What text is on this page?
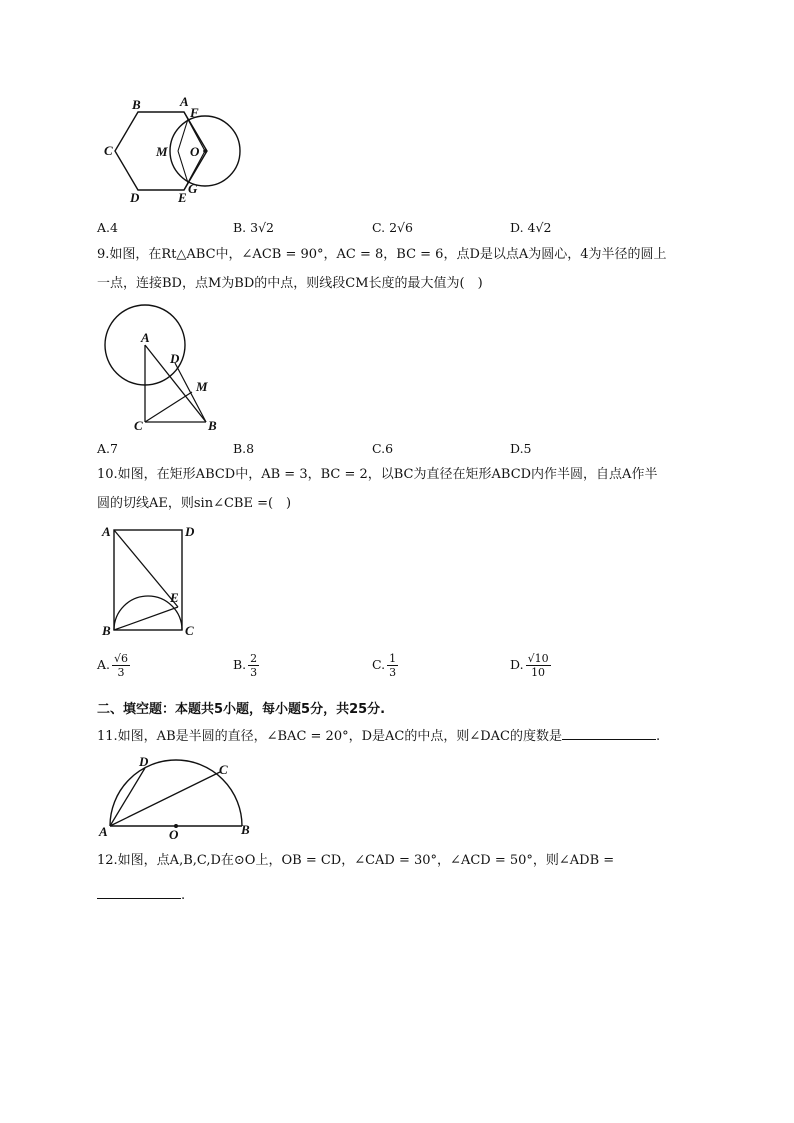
B	A
F
C	M O
D	E
G
A.4	B. 3√2	C. 2√6	D. 4√2
9.如图，在Rt△ABC中，∠ACB = 90°，AC = 8，BC = 6，点D是以点A为圆心，4为半径的圆上
一点，连接BD，点M为BD的中点，则线段CM长度的最大值为(　)
A
D
M
C	B
A.7	B.8	C.6	D.5
10.如图，在矩形ABCD中，AB = 3，BC = 2，以BC为直径在矩形ABCD内作半圆，自点A作半
圆的切线AE，则sin∠CBE =(　)
A	D
E
B	C
A. $\frac{√6}{3}$	B. $\frac{2}{3}$	C. $\frac{1}{3}$	D. $\frac{√10}{10}$
二、填空题：本题共5小题，每小题5分，共25分.
11.如图，AB是半圆的直径，∠BAC = 20°，D是AC的中点，则∠DAC的度数是	.
D
C
A	O	B
12.如图，点A,B,C,D在⊙O上，OB = CD，∠CAD = 30°，∠ACD = 50°，则∠ADB =
.
